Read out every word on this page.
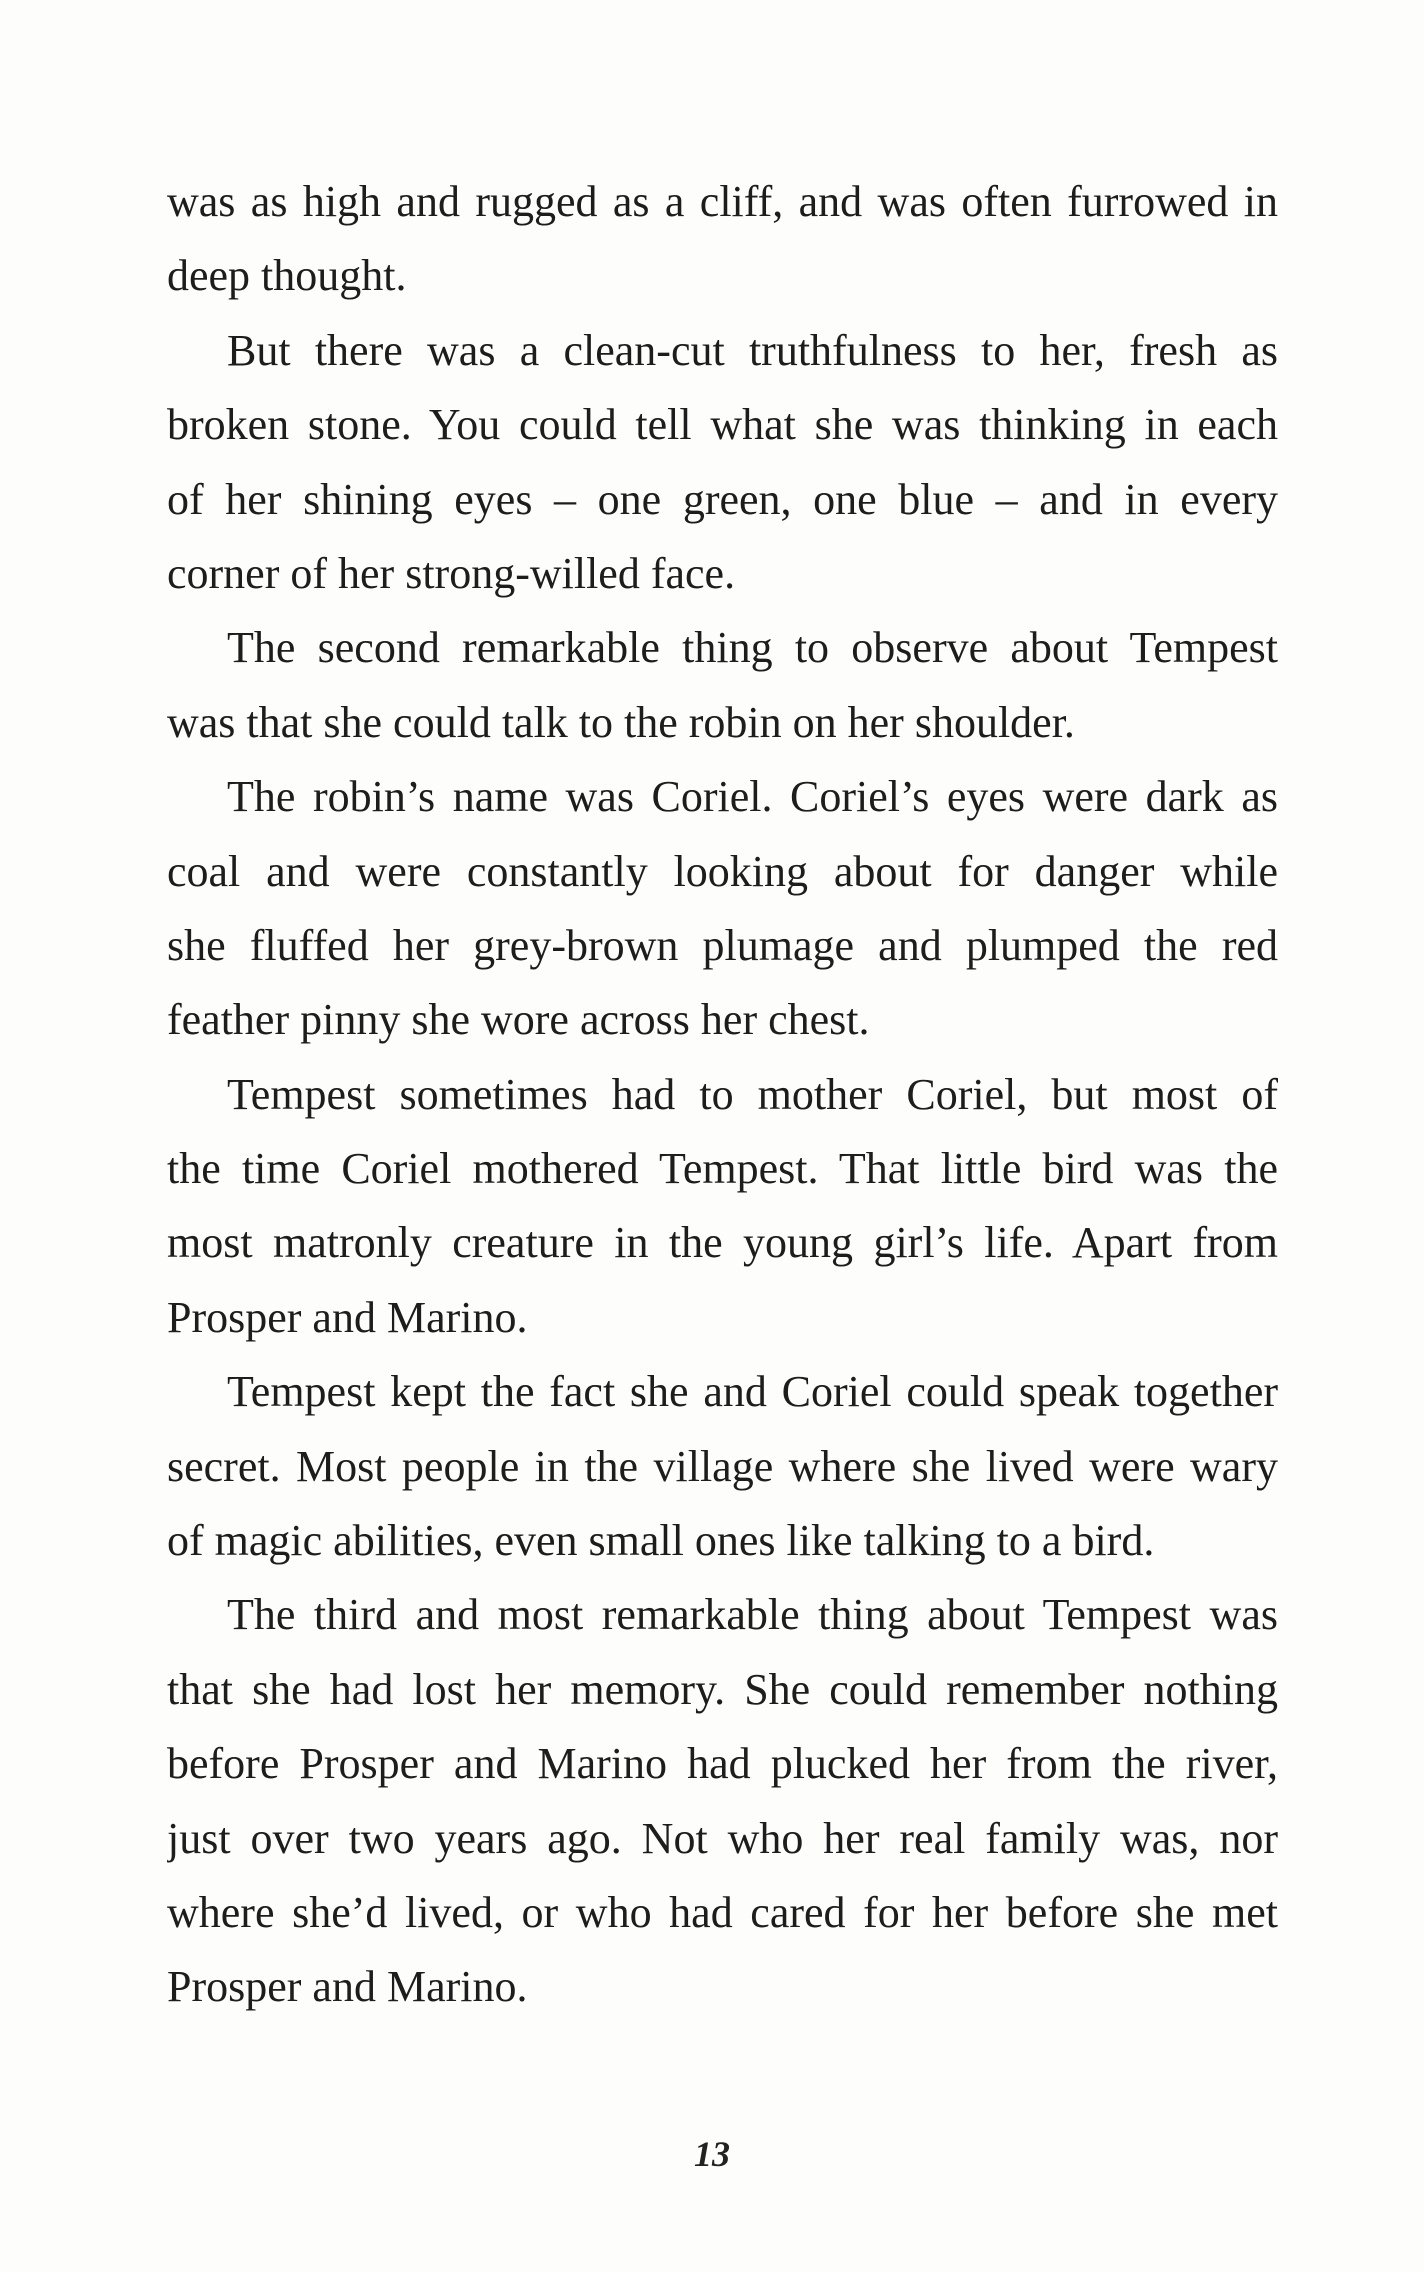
was as high and rugged as a cliff, and was often furrowed in
deep thought.
But there was a clean-cut truthfulness to her, fresh as
broken stone. You could tell what she was thinking in each
of her shining eyes – one green, one blue – and in every
corner of her strong-willed face.
The second remarkable thing to observe about Tempest
was that she could talk to the robin on her shoulder.
The robin’s name was Coriel. Coriel’s eyes were dark as
coal and were constantly looking about for danger while
she fluffed her grey-brown plumage and plumped the red
feather pinny she wore across her chest.
Tempest sometimes had to mother Coriel, but most of
the time Coriel mothered Tempest. That little bird was the
most matronly creature in the young girl’s life. Apart from
Prosper and Marino.
Tempest kept the fact she and Coriel could speak together
secret. Most people in the village where she lived were wary
of magic abilities, even small ones like talking to a bird.
The third and most remarkable thing about Tempest was
that she had lost her memory. She could remember nothing
before Prosper and Marino had plucked her from the river,
just over two years ago. Not who her real family was, nor
where she’d lived, or who had cared for her before she met
Prosper and Marino.
13
